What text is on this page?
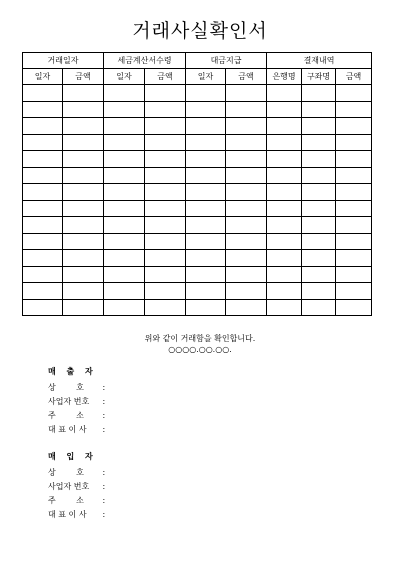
거래사실확인서
거래일자		세금계산서수령		대금지급		결재내역		
일자	금액	일자	금액	일자	금액	은행명	구좌명	금액

위와 같이 거래함을 확인합니다.
○○○○.○○.○○.
매 출 자
상        호 :
사업자 번호 :
주        소 :
대 표 이 사 :
매 입 자
상        호 :
사업자 번호 :
주        소 :
대 표 이 사 :
